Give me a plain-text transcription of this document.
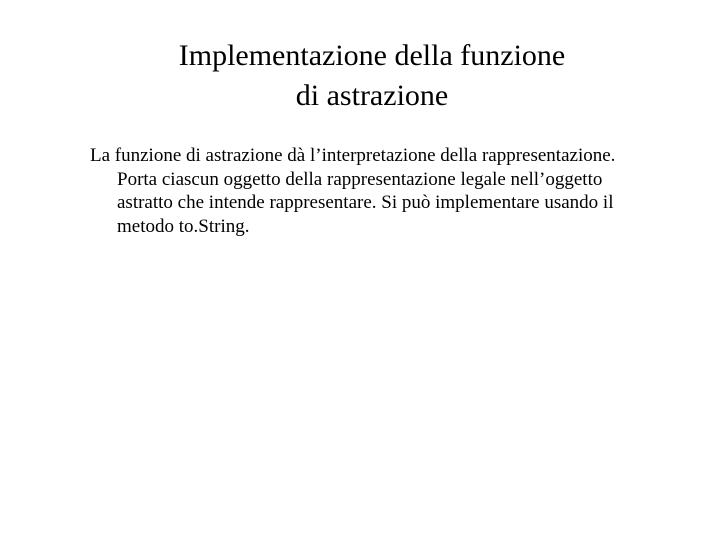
Implementazione della funzione
di astrazione

La funzione di astrazione dà l’interpretazione della rappresentazione.
Porta ciascun oggetto della rappresentazione legale nell’oggetto
astratto che intende rappresentare. Si può implementare usando il
metodo to.String.
